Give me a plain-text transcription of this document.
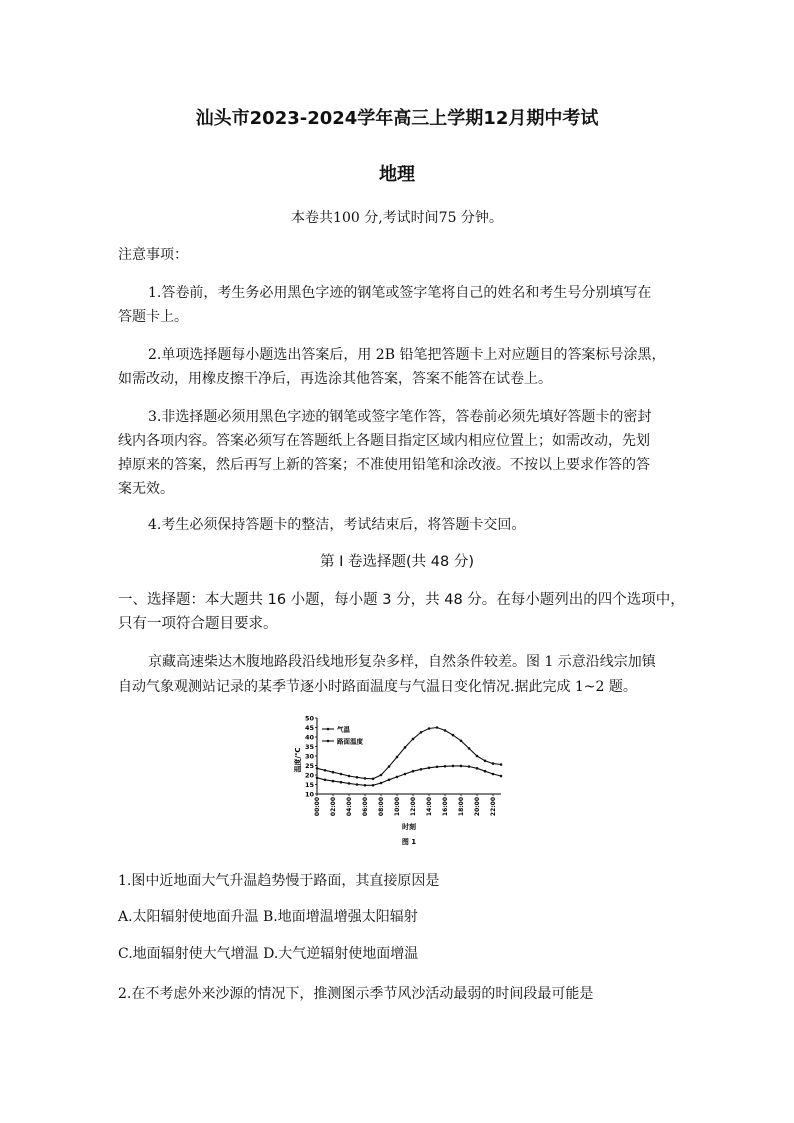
汕头市2023-2024学年高三上学期12月期中考试
地理
本卷共100 分,考试时间75 分钟。
注意事项：
1.答卷前，考生务必用黑色字迹的钢笔或签字笔将自己的姓名和考生号分别填写在
答题卡上。
2.单项选择题每小题选出答案后，用 2B 铅笔把答题卡上对应题目的答案标号涂黑，
如需改动，用橡皮擦干净后，再选涂其他答案，答案不能答在试卷上。
3.非选择题必须用黑色字迹的钢笔或签字笔作答，答卷前必须先填好答题卡的密封
线内各项内容。答案必须写在答题纸上各题目指定区域内相应位置上；如需改动，先划
掉原来的答案，然后再写上新的答案；不准使用铅笔和涂改液。不按以上要求作答的答
案无效。
4.考生必须保持答题卡的整洁，考试结束后，将答题卡交回。
第 I 卷选择题(共 48 分)
一、选择题：本大题共 16 小题，每小题 3 分，共 48 分。在每小题列出的四个选项中，
只有一项符合题目要求。
京藏高速柴达木腹地路段沿线地形复杂多样，自然条件较差。图 1 示意沿线宗加镇
自动气象观测站记录的某季节逐小时路面温度与气温日变化情况.据此完成 1~2 题。
10
15
20
25
30
35
40
45
50
00:00 02:00 04:00 06:00 08:00 10:00 12:00 14:00 16:00 18:00 20:00 22:00
气温
路面温度
温度/℃
时刻
图 1
1.图中近地面大气升温趋势慢于路面，其直接原因是
A.太阳辐射使地面升温 B.地面增温增强太阳辐射
C.地面辐射使大气增温 D.大气逆辐射使地面增温
2.在不考虑外来沙源的情况下，推测图示季节风沙活动最弱的时间段最可能是
